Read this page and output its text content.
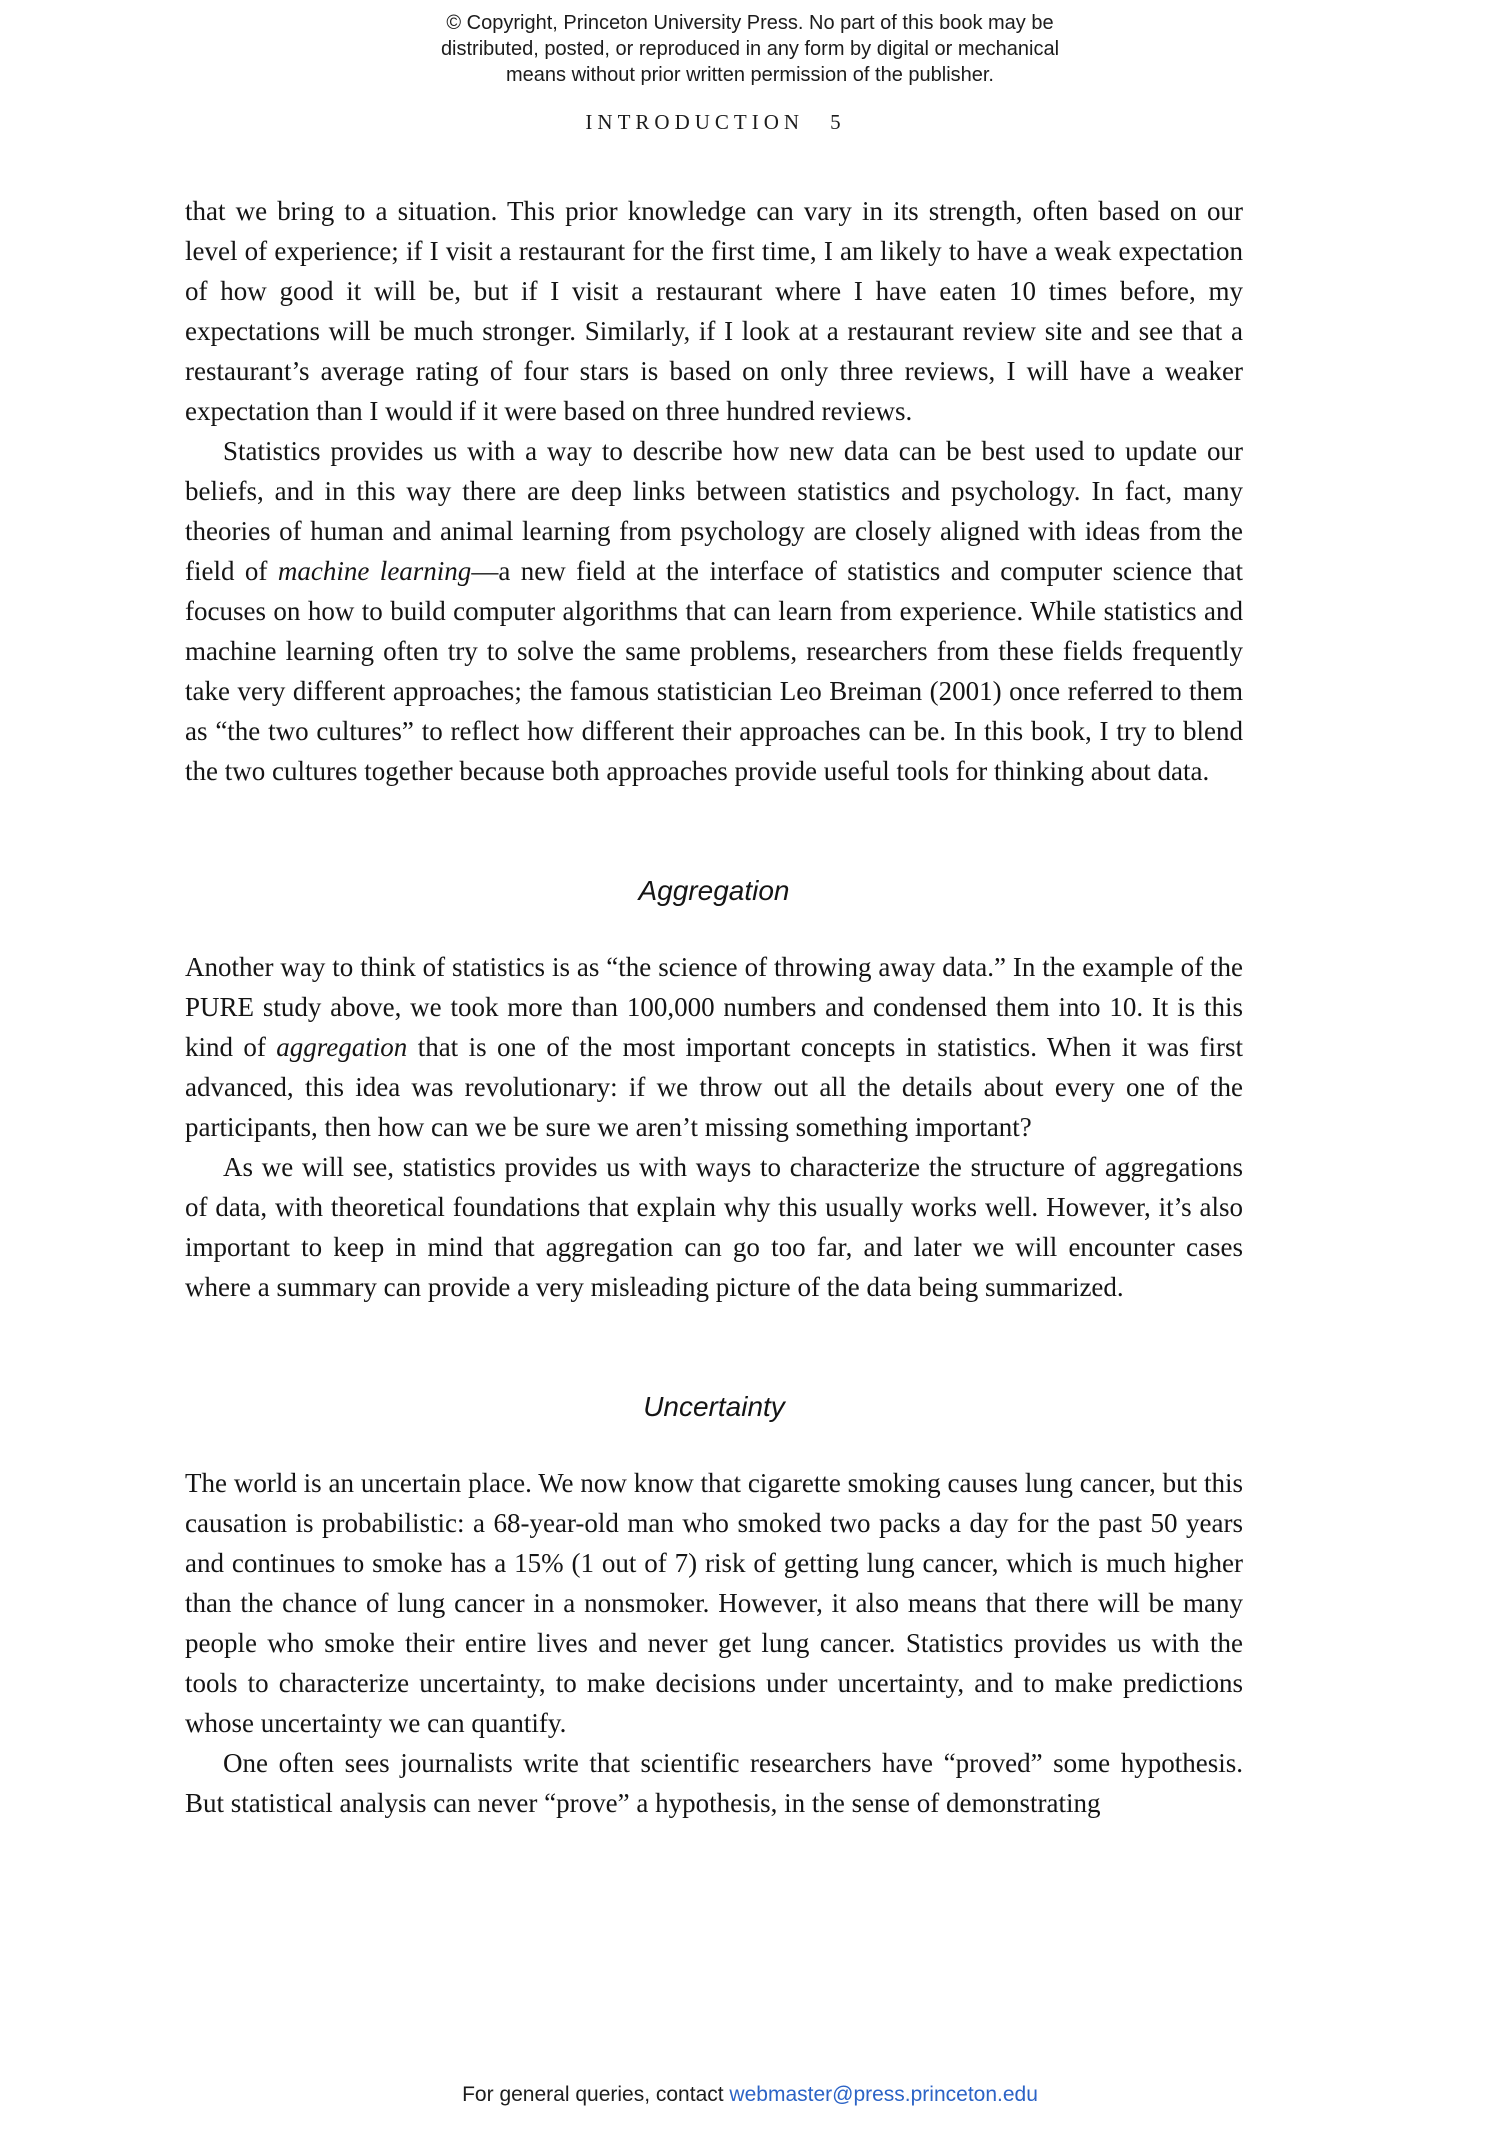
© Copyright, Princeton University Press. No part of this book may be
distributed, posted, or reproduced in any form by digital or mechanical
means without prior written permission of the publisher.
INTRODUCTION 5

that we bring to a situation. This prior knowledge can vary in its strength, often based on our level of experience; if I visit a restaurant for the first time, I am likely to have a weak expectation of how good it will be, but if I visit a restaurant where I have eaten 10 times before, my expectations will be much stronger. Similarly, if I look at a restaurant review site and see that a restaurant’s average rating of four stars is based on only three reviews, I will have a weaker expectation than I would if it were based on three hundred reviews.

Statistics provides us with a way to describe how new data can be best used to update our beliefs, and in this way there are deep links between statistics and psychology. In fact, many theories of human and animal learning from psychology are closely aligned with ideas from the field of machine learning—a new field at the interface of statistics and computer science that focuses on how to build computer algorithms that can learn from experience. While statistics and machine learning often try to solve the same problems, researchers from these fields frequently take very different approaches; the famous statistician Leo Breiman (2001) once referred to them as “the two cultures” to reflect how different their approaches can be. In this book, I try to blend the two cultures together because both approaches provide useful tools for thinking about data.

Aggregation

Another way to think of statistics is as “the science of throwing away data.” In the example of the PURE study above, we took more than 100,000 numbers and condensed them into 10. It is this kind of aggregation that is one of the most important concepts in statistics. When it was first advanced, this idea was revolutionary: if we throw out all the details about every one of the participants, then how can we be sure we aren’t missing something important?

As we will see, statistics provides us with ways to characterize the structure of aggregations of data, with theoretical foundations that explain why this usually works well. However, it’s also important to keep in mind that aggregation can go too far, and later we will encounter cases where a summary can provide a very misleading picture of the data being summarized.

Uncertainty

The world is an uncertain place. We now know that cigarette smoking causes lung cancer, but this causation is probabilistic: a 68-year-old man who smoked two packs a day for the past 50 years and continues to smoke has a 15% (1 out of 7) risk of getting lung cancer, which is much higher than the chance of lung cancer in a nonsmoker. However, it also means that there will be many people who smoke their entire lives and never get lung cancer. Statistics provides us with the tools to characterize uncertainty, to make decisions under uncertainty, and to make predictions whose uncertainty we can quantify.

One often sees journalists write that scientific researchers have “proved” some hypothesis. But statistical analysis can never “prove” a hypothesis, in the sense of demonstrating

For general queries, contact webmaster@press.princeton.edu
